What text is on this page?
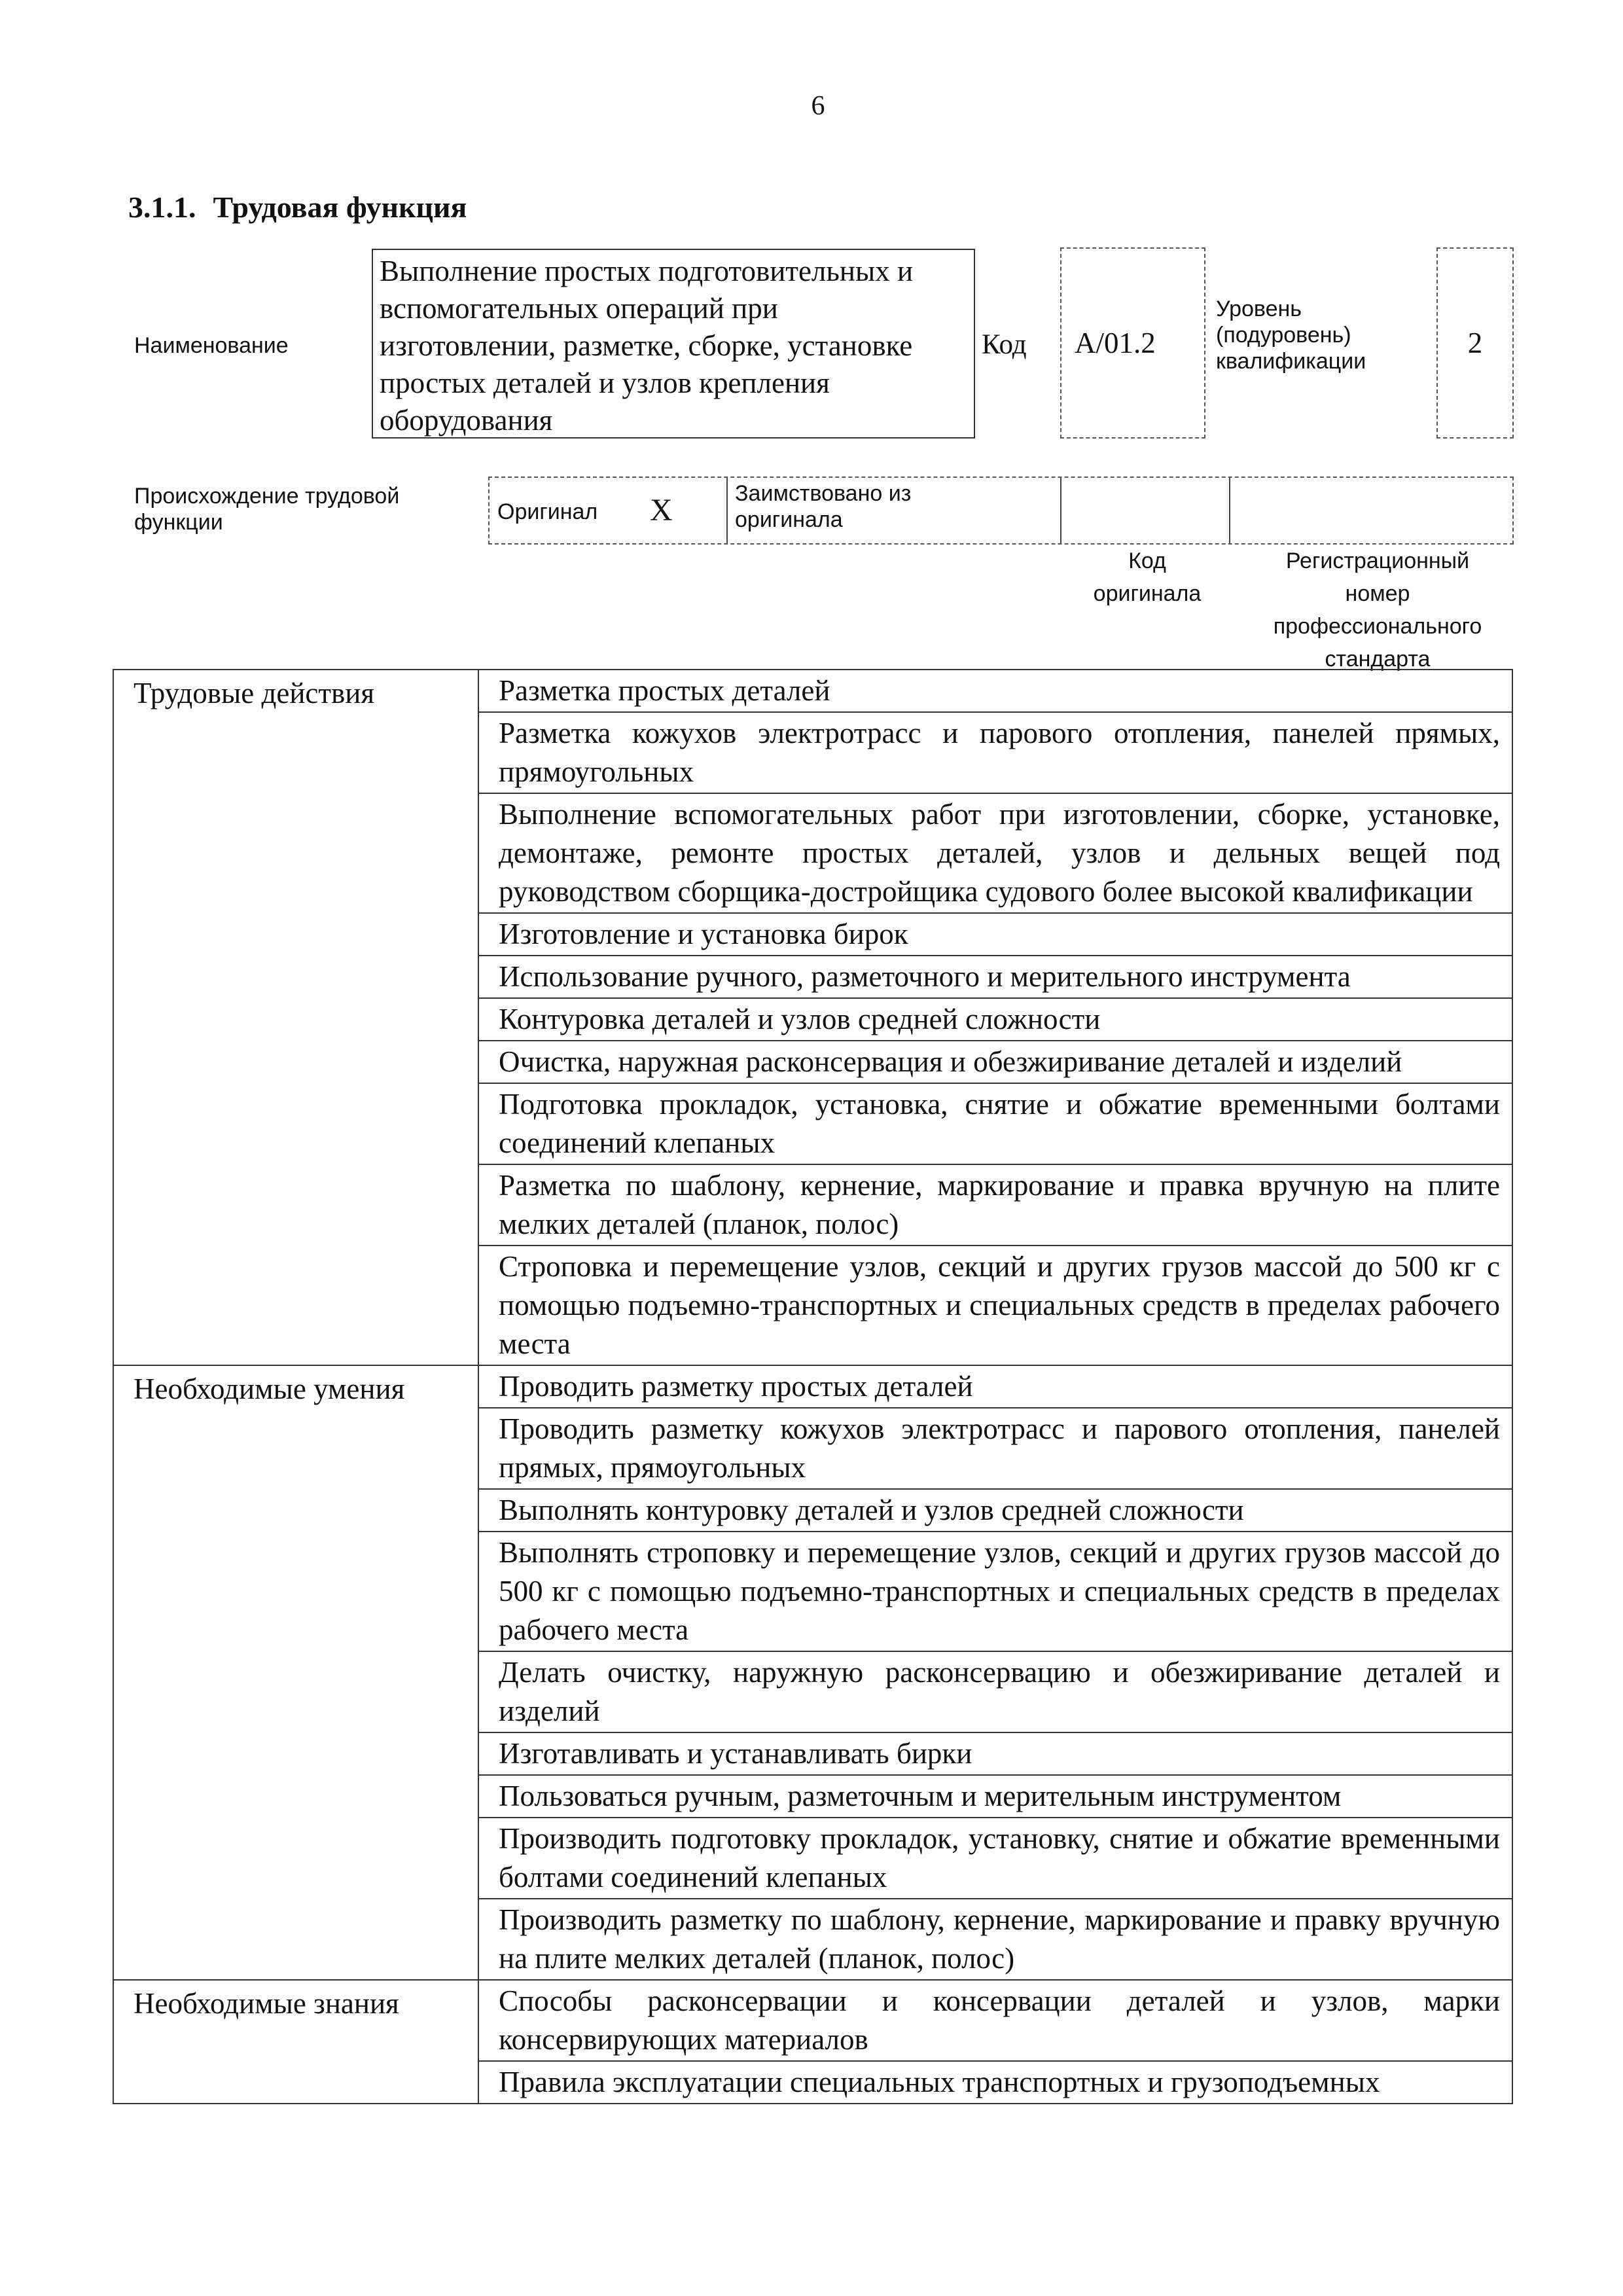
6
3.1.1. Трудовая функция
Наименование
Выполнение простых подготовительных и
вспомогательных операций при
изготовлении, разметке, сборке, установке
простых деталей и узлов крепления
оборудования
Код	A/01.2
Уровень
(подуровень)
квалификации
2
Происхождение трудовой
функции	Оригинал X	Заимствовано из
оригинала
Код
оригинала
Регистрационный
номер
профессионального
стандарта
Трудовые действия	Разметка простых деталей
	Разметка кожухов электротрасс и парового отопления, панелей прямых, прямоугольных
	Выполнение вспомогательных работ при изготовлении, сборке, установке, демонтаже, ремонте простых деталей, узлов и дельных вещей под руководством сборщика-достройщика судового более высокой квалификации
	Изготовление и установка бирок
	Использование ручного, разметочного и мерительного инструмента
	Контуровка деталей и узлов средней сложности
	Очистка, наружная расконсервация и обезжиривание деталей и изделий
	Подготовка прокладок, установка, снятие и обжатие временными болтами соединений клепаных
	Разметка по шаблону, кернение, маркирование и правка вручную на плите мелких деталей (планок, полос)
	Строповка и перемещение узлов, секций и других грузов массой до 500 кг с помощью подъемно-транспортных и специальных средств в пределах рабочего места
Необходимые умения	Проводить разметку простых деталей
	Проводить разметку кожухов электротрасс и парового отопления, панелей прямых, прямоугольных
	Выполнять контуровку деталей и узлов средней сложности
	Выполнять строповку и перемещение узлов, секций и других грузов массой до 500 кг с помощью подъемно-транспортных и специальных средств в пределах рабочего места
	Делать очистку, наружную расконсервацию и обезжиривание деталей и изделий
	Изготавливать и устанавливать бирки
	Пользоваться ручным, разметочным и мерительным инструментом
	Производить подготовку прокладок, установку, снятие и обжатие временными болтами соединений клепаных
	Производить разметку по шаблону, кернение, маркирование и правку вручную на плите мелких деталей (планок, полос)
Необходимые знания	Способы расконсервации и консервации деталей и узлов, марки консервирующих материалов
	Правила эксплуатации специальных транспортных и грузоподъемных
